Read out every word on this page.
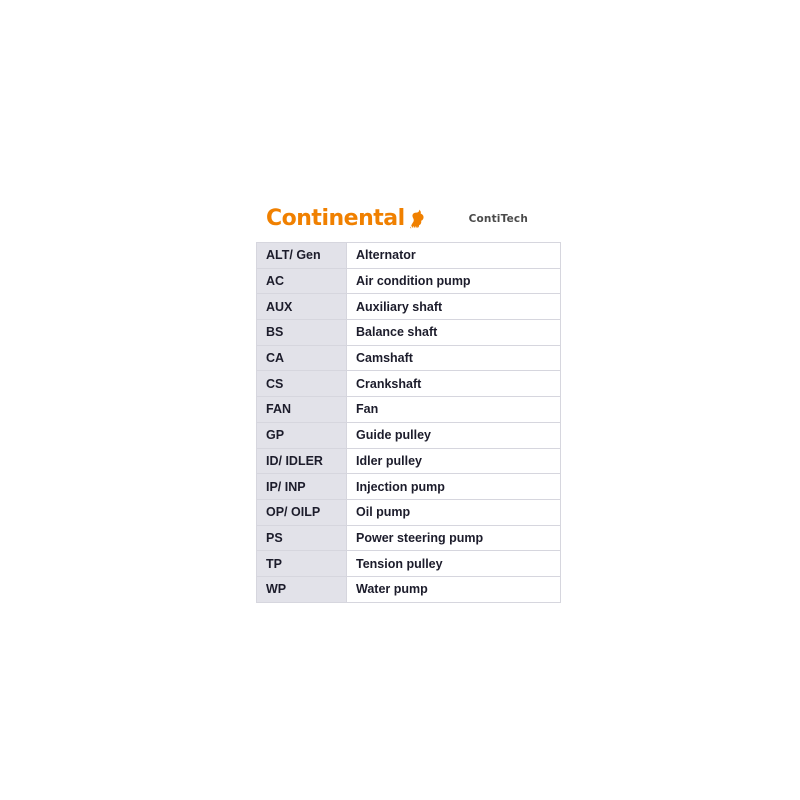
Continental	ContiTech
ALT/ Gen	Alternator
AC	Air condition pump
AUX	Auxiliary shaft
BS	Balance shaft
CA	Camshaft
CS	Crankshaft
FAN	Fan
GP	Guide pulley
ID/ IDLER	Idler pulley
IP/ INP	Injection pump
OP/ OILP	Oil pump
PS	Power steering pump
TP	Tension pulley
WP	Water pump
